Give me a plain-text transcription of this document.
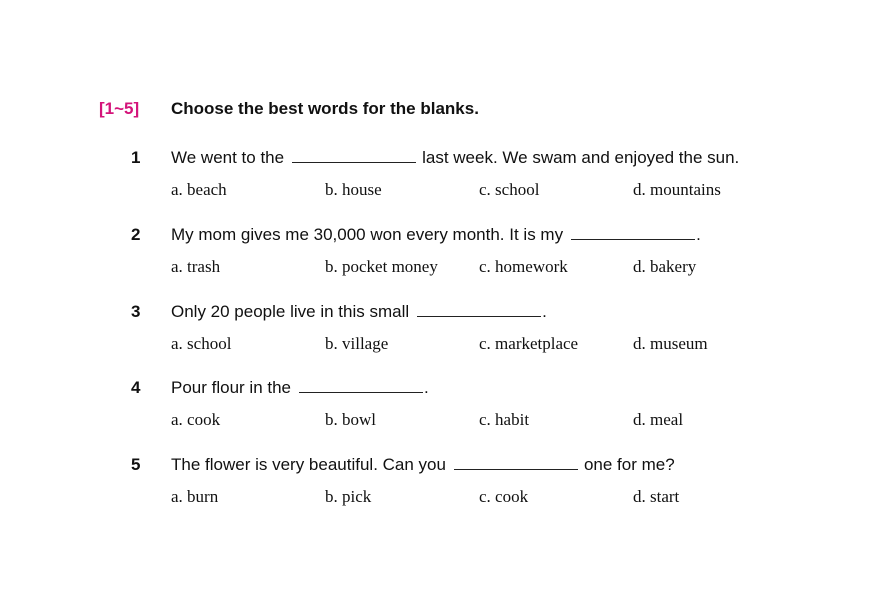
[1~5]	Choose the best words for the blanks.
1 We went to the	last week. We swam and enjoyed the sun.
a. beach	b. house	c. school	d. mountains
2 My mom gives me 30,000 won every month. It is my	.
a. trash	b. pocket money	c. homework	d. bakery
3 Only 20 people live in this small	.
a. school	b. village	c. marketplace	d. museum
4 Pour flour in the	.
a. cook	b. bowl	c. habit	d. meal
5 The flower is very beautiful. Can you	one for me?
a. burn	b. pick	c. cook	d. start
